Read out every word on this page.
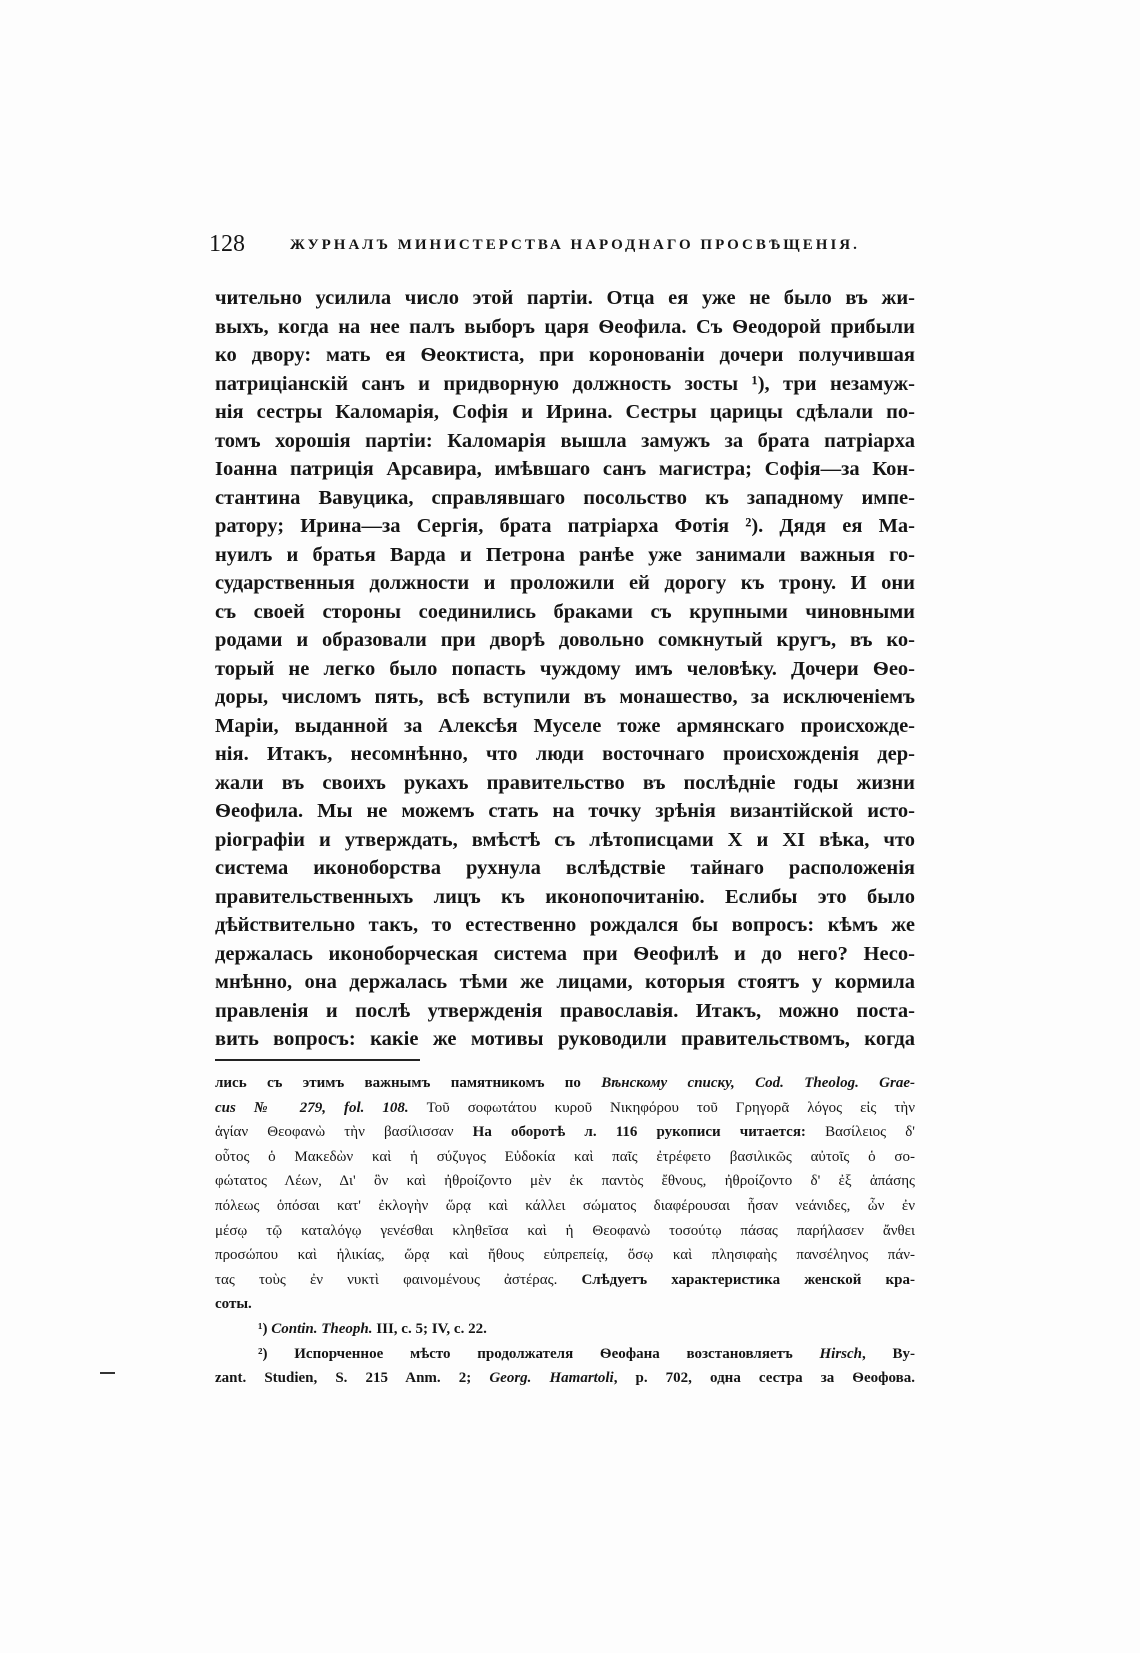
128	ЖУРНАЛЪ МИНИСТЕРСТВА НАРОДНАГО ПРОСВѢЩЕНІЯ.
чительно усилила число этой партіи. Отца ея уже не было въ жи-
выхъ, когда на нее палъ выборъ царя Ѳеофила. Съ Ѳеодорой прибыли
ко двору: мать ея Ѳеоктиста, при коронованіи дочери получившая
патриціанскій санъ и придворную должность зосты ¹), три незамуж-
нія сестры Каломарія, Софія и Ирина. Сестры царицы сдѣлали по-
томъ хорошія партіи: Каломарія вышла замужъ за брата патріарха
Іоанна патриція Арсавира, имѣвшаго санъ магистра; Софія—за Кон-
стантина Вавуцика, справлявшаго посольство къ западному импе-
ратору; Ирина—за Сергія, брата патріарха Фотія ²). Дядя ея Ма-
нуилъ и братья Варда и Петрона ранѣе уже занимали важныя го-
сударственныя должности и проложили ей дорогу къ трону. И они
съ своей стороны соединились браками съ крупными чиновными
родами и образовали при дворѣ довольно сомкнутый кругъ, въ ко-
торый не легко было попасть чуждому имъ человѣку. Дочери Ѳео-
доры, числомъ пять, всѣ вступили въ монашество, за исключеніемъ
Маріи, выданной за Алексѣя Муселе тоже армянскаго происхожде-
нія. Итакъ, несомнѣнно, что люди восточнаго происхожденія дер-
жали въ своихъ рукахъ правительство въ послѣдніе годы жизни
Ѳеофила. Мы не можемъ стать на точку зрѣнія византійской исто-
ріографіи и утверждать, вмѣстѣ съ лѣтописцами X и XI вѣка, что
система иконоборства рухнула вслѣдствіе тайнаго расположенія
правительственныхъ лицъ къ иконопочитанію. Еслибы это было
дѣйствительно такъ, то естественно рождался бы вопросъ: кѣмъ же
держалась иконоборческая система при Ѳеофилѣ и до него? Несо-
мнѣнно, она держалась тѣми же лицами, которыя стоятъ у кормила
правленія и послѣ утвержденія православія. Итакъ, можно поста-
вить вопросъ: какіе же мотивы руководили правительствомъ, когда
лись съ этимъ важнымъ памятникомъ по Вѣнскому списку, Cod. Theolog. Grae-
cus № 279, fol. 108. Τοῦ σοφωτάτου κυροῦ Νικηφόρου τοῦ Γρηγορᾶ λόγος εἰς τὴν
ἁγίαν Θεοφανὼ τὴν βασίλισσαν На оборотѣ л. 116 рукописи читается: Βασίλειος δ'
οὗτος ὁ Μακεδὼν καὶ ἡ σύζυγος Εὐδοκία καὶ παῖς ἐτρέφετο βασιλικῶς αὐτοῖς ὁ σο-
φώτατος Λέων, Δι' ὃν καὶ ἠθροίζοντο μὲν ἐκ παντὸς ἔθνους, ἠθροίζοντο δ' ἐξ ἁπάσης
πόλεως ὁπόσαι κατ' ἐκλογὴν ὥρᾳ καὶ κάλλει σώματος διαφέρουσαι ἦσαν νεάνιδες, ὧν ἐν
μέσῳ τῷ καταλόγῳ γενέσθαι κληθεῖσα καὶ ἡ Θεοφανὼ τοσούτῳ πάσας παρήλασεν ἄνθει
προσώπου καὶ ἡλικίας, ὥρᾳ καὶ ἤθους εὐπρεπείᾳ, ὅσῳ καὶ πλησιφαὴς πανσέληνος πάν-
τας τοὺς ἐν νυκτὶ φαινομένους ἀστέρας. Слѣдуетъ характеристика женской кра-
соты.
¹) Contin. Theoph. III, c. 5; IV, c. 22.
²) Испорченное мѣсто продолжателя Ѳеофана возстановляетъ Hirsch, By-
zant. Studien, S. 215 Anm. 2; Georg. Hamartoli, p. 702, одна сестра за Ѳеофова.
